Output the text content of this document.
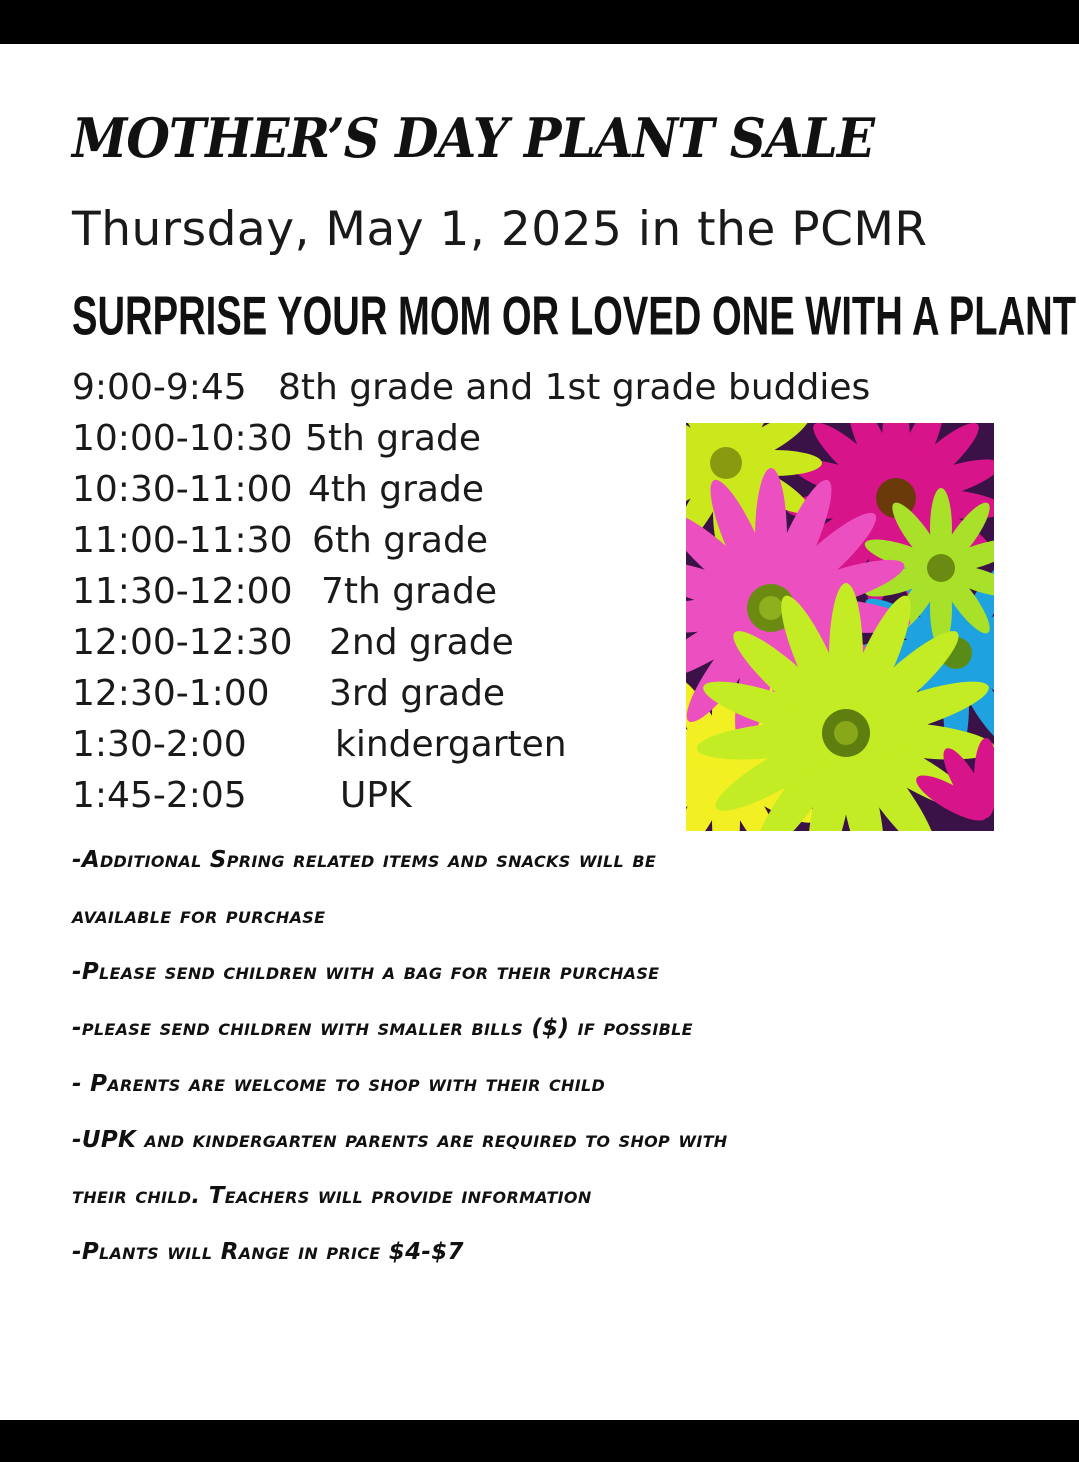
MOTHER’S DAY PLANT SALE
Thursday, May 1, 2025 in the PCMR
SURPRISE YOUR MOM OR LOVED ONE WITH A PLANT
9:00-9:45 8th grade and 1st grade buddies
10:00-10:30 5th grade
10:30-11:00 4th grade
11:00-11:30 6th grade
11:30-12:00 7th grade
12:00-12:30 2nd grade
12:30-1:00 3rd grade
1:30-2:00 kindergarten
1:45-2:05	UPK

-Additional Spring related items and snacks will be

available for purchase

-Please send children with a bag for their purchase

-please send children with smaller bills ($) if possible

- Parents are welcome to shop with their child

-UPK and kindergarten parents are required to shop with

their child. Teachers will provide information

-Plants will Range in price $4-$7
